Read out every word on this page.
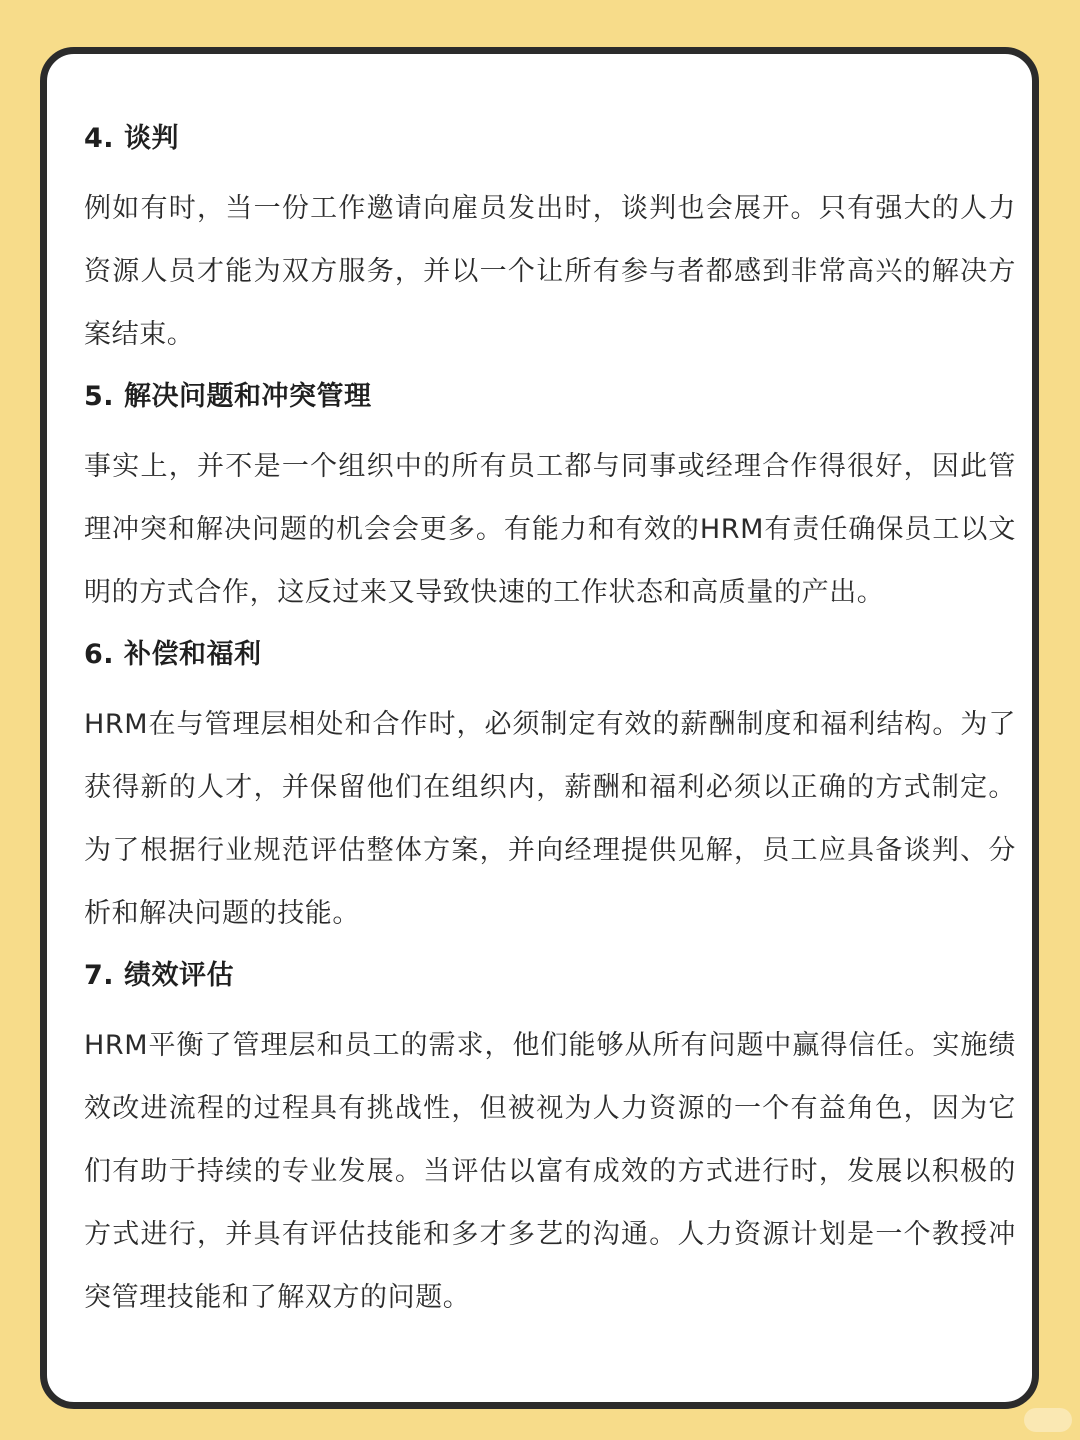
4. 谈判

例如有时，当一份工作邀请向雇员发出时，谈判也会展开。只有强大的人力资源人员才能为双方服务，并以一个让所有参与者都感到非常高兴的解决方案结束。

5. 解决问题和冲突管理

事实上，并不是一个组织中的所有员工都与同事或经理合作得很好，因此管理冲突和解决问题的机会会更多。有能力和有效的HRM有责任确保员工以文明的方式合作，这反过来又导致快速的工作状态和高质量的产出。

6. 补偿和福利

HRM在与管理层相处和合作时，必须制定有效的薪酬制度和福利结构。为了获得新的人才，并保留他们在组织内，薪酬和福利必须以正确的方式制定。为了根据行业规范评估整体方案，并向经理提供见解，员工应具备谈判、分析和解决问题的技能。

7. 绩效评估

HRM平衡了管理层和员工的需求，他们能够从所有问题中赢得信任。实施绩效改进流程的过程具有挑战性，但被视为人力资源的一个有益角色，因为它们有助于持续的专业发展。当评估以富有成效的方式进行时，发展以积极的方式进行，并具有评估技能和多才多艺的沟通。人力资源计划是一个教授冲突管理技能和了解双方的问题。
